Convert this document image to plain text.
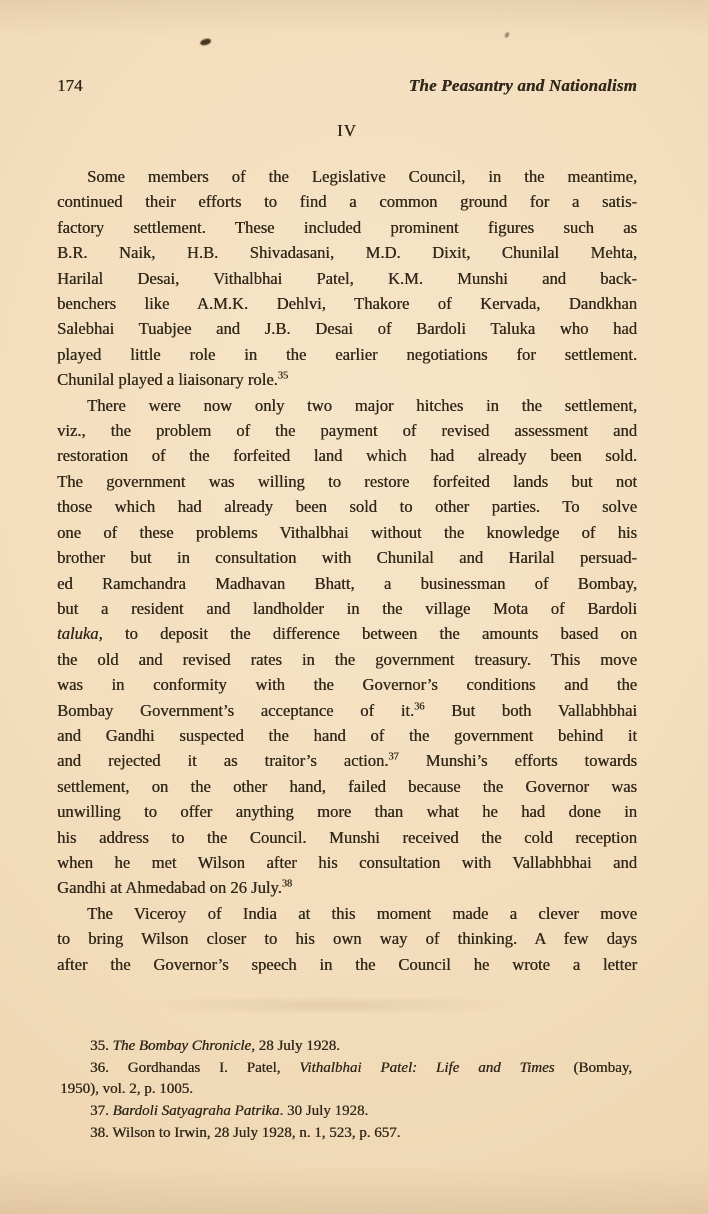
174	The Peasantry and Nationalism
IV
Some members of the Legislative Council, in the meantime,
continued their efforts to find a common ground for a satis-
factory settlement. These included prominent figures such as
B.R. Naik, H.B. Shivadasani, M.D. Dixit, Chunilal Mehta,
Harilal Desai, Vithalbhai Patel, K.M. Munshi and back-
benchers like A.M.K. Dehlvi, Thakore of Kervada, Dandkhan
Salebhai Tuabjee and J.B. Desai of Bardoli Taluka who had
played little role in the earlier negotiations for settlement.
Chunilal played a liaisonary role.$^{35}$
There were now only two major hitches in the settlement,
viz., the problem of the payment of revised assessment and
restoration of the forfeited land which had already been sold.
The government was willing to restore forfeited lands but not
those which had already been sold to other parties. To solve
one of these problems Vithalbhai without the knowledge of his
brother but in consultation with Chunilal and Harilal persuad-
ed Ramchandra Madhavan Bhatt, a businessman of Bombay,
but a resident and landholder in the village Mota of Bardoli
taluka, to deposit the difference between the amounts based on
the old and revised rates in the government treasury. This move
was in conformity with the Governor’s conditions and the
Bombay Government’s acceptance of it.$^{36}$ But both Vallabhbhai
and Gandhi suspected the hand of the government behind it
and rejected it as traitor’s action.$^{37}$ Munshi’s efforts towards
settlement, on the other hand, failed because the Governor was
unwilling to offer anything more than what he had done in
his address to the Council. Munshi received the cold reception
when he met Wilson after his consultation with Vallabhbhai and
Gandhi at Ahmedabad on 26 July.$^{38}$
The Viceroy of India at this moment made a clever move
to bring Wilson closer to his own way of thinking. A few days
after the Governor’s speech in the Council he wrote a letter
35. The Bombay Chronicle, 28 July 1928.
36. Gordhandas I. Patel, Vithalbhai Patel: Life and Times (Bombay,
1950), vol. 2, p. 1005.
37. Bardoli Satyagraha Patrika. 30 July 1928.
38. Wilson to Irwin, 28 July 1928, n. 1, 523, p. 657.
